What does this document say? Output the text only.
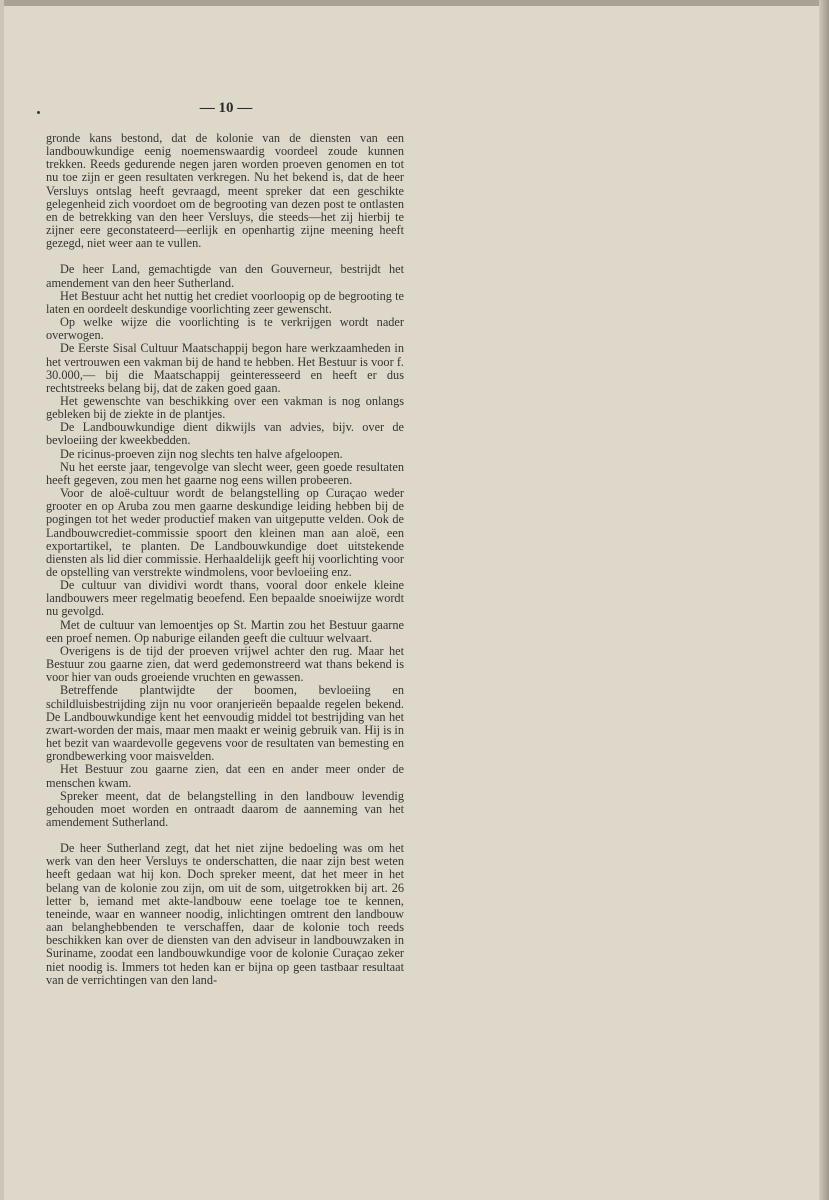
— 10 —

gronde kans bestond, dat de kolonie van de diensten van een landbouwkundige eenig noemenswaardig voordeel zoude kunnen trekken. Reeds gedurende negen jaren worden proeven genomen en tot nu toe zijn er geen resultaten verkregen. Nu het bekend is, dat de heer Versluys ontslag heeft gevraagd, meent spreker dat een geschikte gelegenheid zich voordoet om de begrooting van dezen post te ontlasten en de betrekking van den heer Versluys, die steeds—het zij hierbij te zijner eere geconstateerd—eerlijk en openhartig zijne meening heeft gezegd, niet weer aan te vullen.

De heer Land, gemachtigde van den Gouverneur, bestrijdt het amendement van den heer Sutherland.

Het Bestuur acht het nuttig het crediet voorloopig op de begrooting te laten en oordeelt deskundige voorlichting zeer gewenscht.

Op welke wijze die voorlichting is te verkrijgen wordt nader overwogen.

De Eerste Sisal Cultuur Maatschappij begon hare werkzaamheden in het vertrouwen een vakman bij de hand te hebben. Het Bestuur is voor f. 30.000,— bij die Maatschappij geinteresseerd en heeft er dus rechtstreeks belang bij, dat de zaken goed gaan.

Het gewenschte van beschikking over een vakman is nog onlangs gebleken bij de ziekte in de plantjes.

De Landbouwkundige dient dikwijls van advies, bijv. over de bevloeiing der kweekbedden.

De ricinus-proeven zijn nog slechts ten halve afgeloopen.

Nu het eerste jaar, tengevolge van slecht weer, geen goede resultaten heeft gegeven, zou men het gaarne nog eens willen probeeren.

Voor de aloë-cultuur wordt de belangstelling op Curaçao weder grooter en op Aruba zou men gaarne deskundige leiding hebben bij de pogingen tot het weder productief maken van uitgeputte velden. Ook de Landbouwcrediet-commissie spoort den kleinen man aan aloë, een exportartikel, te planten. De Landbouwkundige doet uitstekende diensten als lid dier commissie. Herhaaldelijk geeft hij voorlichting voor de opstelling van verstrekte windmolens, voor bevloeiing enz.

De cultuur van dividivi wordt thans, vooral door enkele kleine landbouwers meer regelmatig beoefend. Een bepaalde snoeiwijze wordt nu gevolgd.

Met de cultuur van lemoentjes op St. Martin zou het Bestuur gaarne een proef nemen. Op naburige eilanden geeft die cultuur welvaart.

Overigens is de tijd der proeven vrijwel achter den rug. Maar het Bestuur zou gaarne zien, dat werd gedemonstreerd wat thans bekend is voor hier van ouds groeiende vruchten en gewassen.

Betreffende plantwijdte der boomen, bevloeiing en schildluisbestrijding zijn nu voor oranjerieën bepaalde regelen bekend. De Landbouwkundige kent het eenvoudig middel tot bestrijding van het zwart-worden der mais, maar men maakt er weinig gebruik van. Hij is in het bezit van waardevolle gegevens voor de resultaten van bemesting en grondbewerking voor maisvelden.

Het Bestuur zou gaarne zien, dat een en ander meer onder de menschen kwam.

Spreker meent, dat de belangstelling in den landbouw levendig gehouden moet worden en ontraadt daarom de aanneming van het amendement Sutherland.

De heer Sutherland zegt, dat het niet zijne bedoeling was om het werk van den heer Versluys te onderschatten, die naar zijn best weten heeft gedaan wat hij kon. Doch spreker meent, dat het meer in het belang van de kolonie zou zijn, om uit de som, uitgetrokken bij art. 26 letter b, iemand met akte-landbouw eene toelage toe te kennen, teneinde, waar en wanneer noodig, inlichtingen omtrent den landbouw aan belanghebbenden te verschaffen, daar de kolonie toch reeds beschikken kan over de diensten van den adviseur in landbouwzaken in Suriname, zoodat een landbouwkundige voor de kolonie Curaçao zeker niet noodig is. Immers tot heden kan er bijna op geen tastbaar resultaat van de verrichtingen van den land-
